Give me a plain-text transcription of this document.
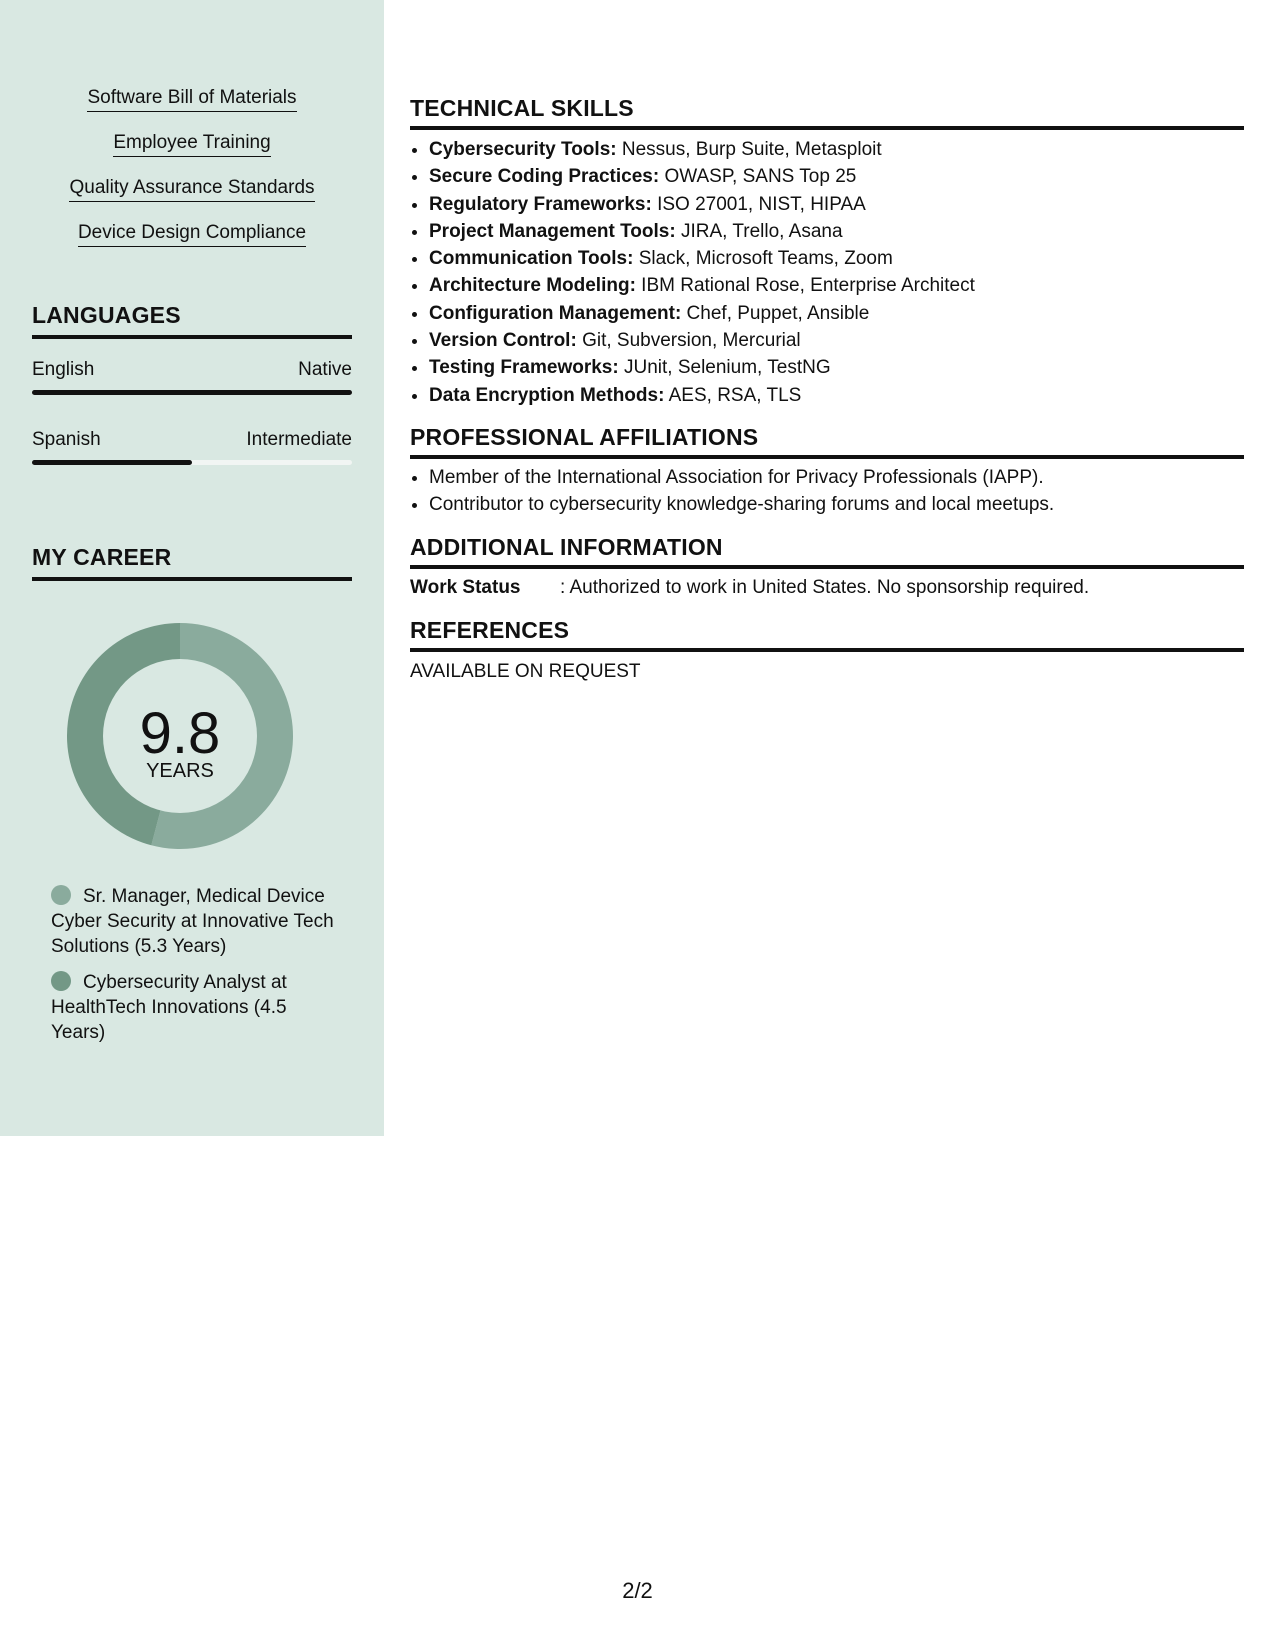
Software Bill of Materials
Employee Training
Quality Assurance Standards
Device Design Compliance
LANGUAGES
English	Native
Spanish	Intermediate
MY CAREER
9.8
YEARS
Sr. Manager, Medical Device Cyber Security at Innovative Tech Solutions (5.3 Years)
Cybersecurity Analyst at HealthTech Innovations (4.5 Years)
TECHNICAL SKILLS
• Cybersecurity Tools: Nessus, Burp Suite, Metasploit
• Secure Coding Practices: OWASP, SANS Top 25
• Regulatory Frameworks: ISO 27001, NIST, HIPAA
• Project Management Tools: JIRA, Trello, Asana
• Communication Tools: Slack, Microsoft Teams, Zoom
• Architecture Modeling: IBM Rational Rose, Enterprise Architect
• Configuration Management: Chef, Puppet, Ansible
• Version Control: Git, Subversion, Mercurial
• Testing Frameworks: JUnit, Selenium, TestNG
• Data Encryption Methods: AES, RSA, TLS
PROFESSIONAL AFFILIATIONS
• Member of the International Association for Privacy Professionals (IAPP).
• Contributor to cybersecurity knowledge-sharing forums and local meetups.
ADDITIONAL INFORMATION
Work Status : Authorized to work in United States. No sponsorship required.
REFERENCES
AVAILABLE ON REQUEST
2/2
